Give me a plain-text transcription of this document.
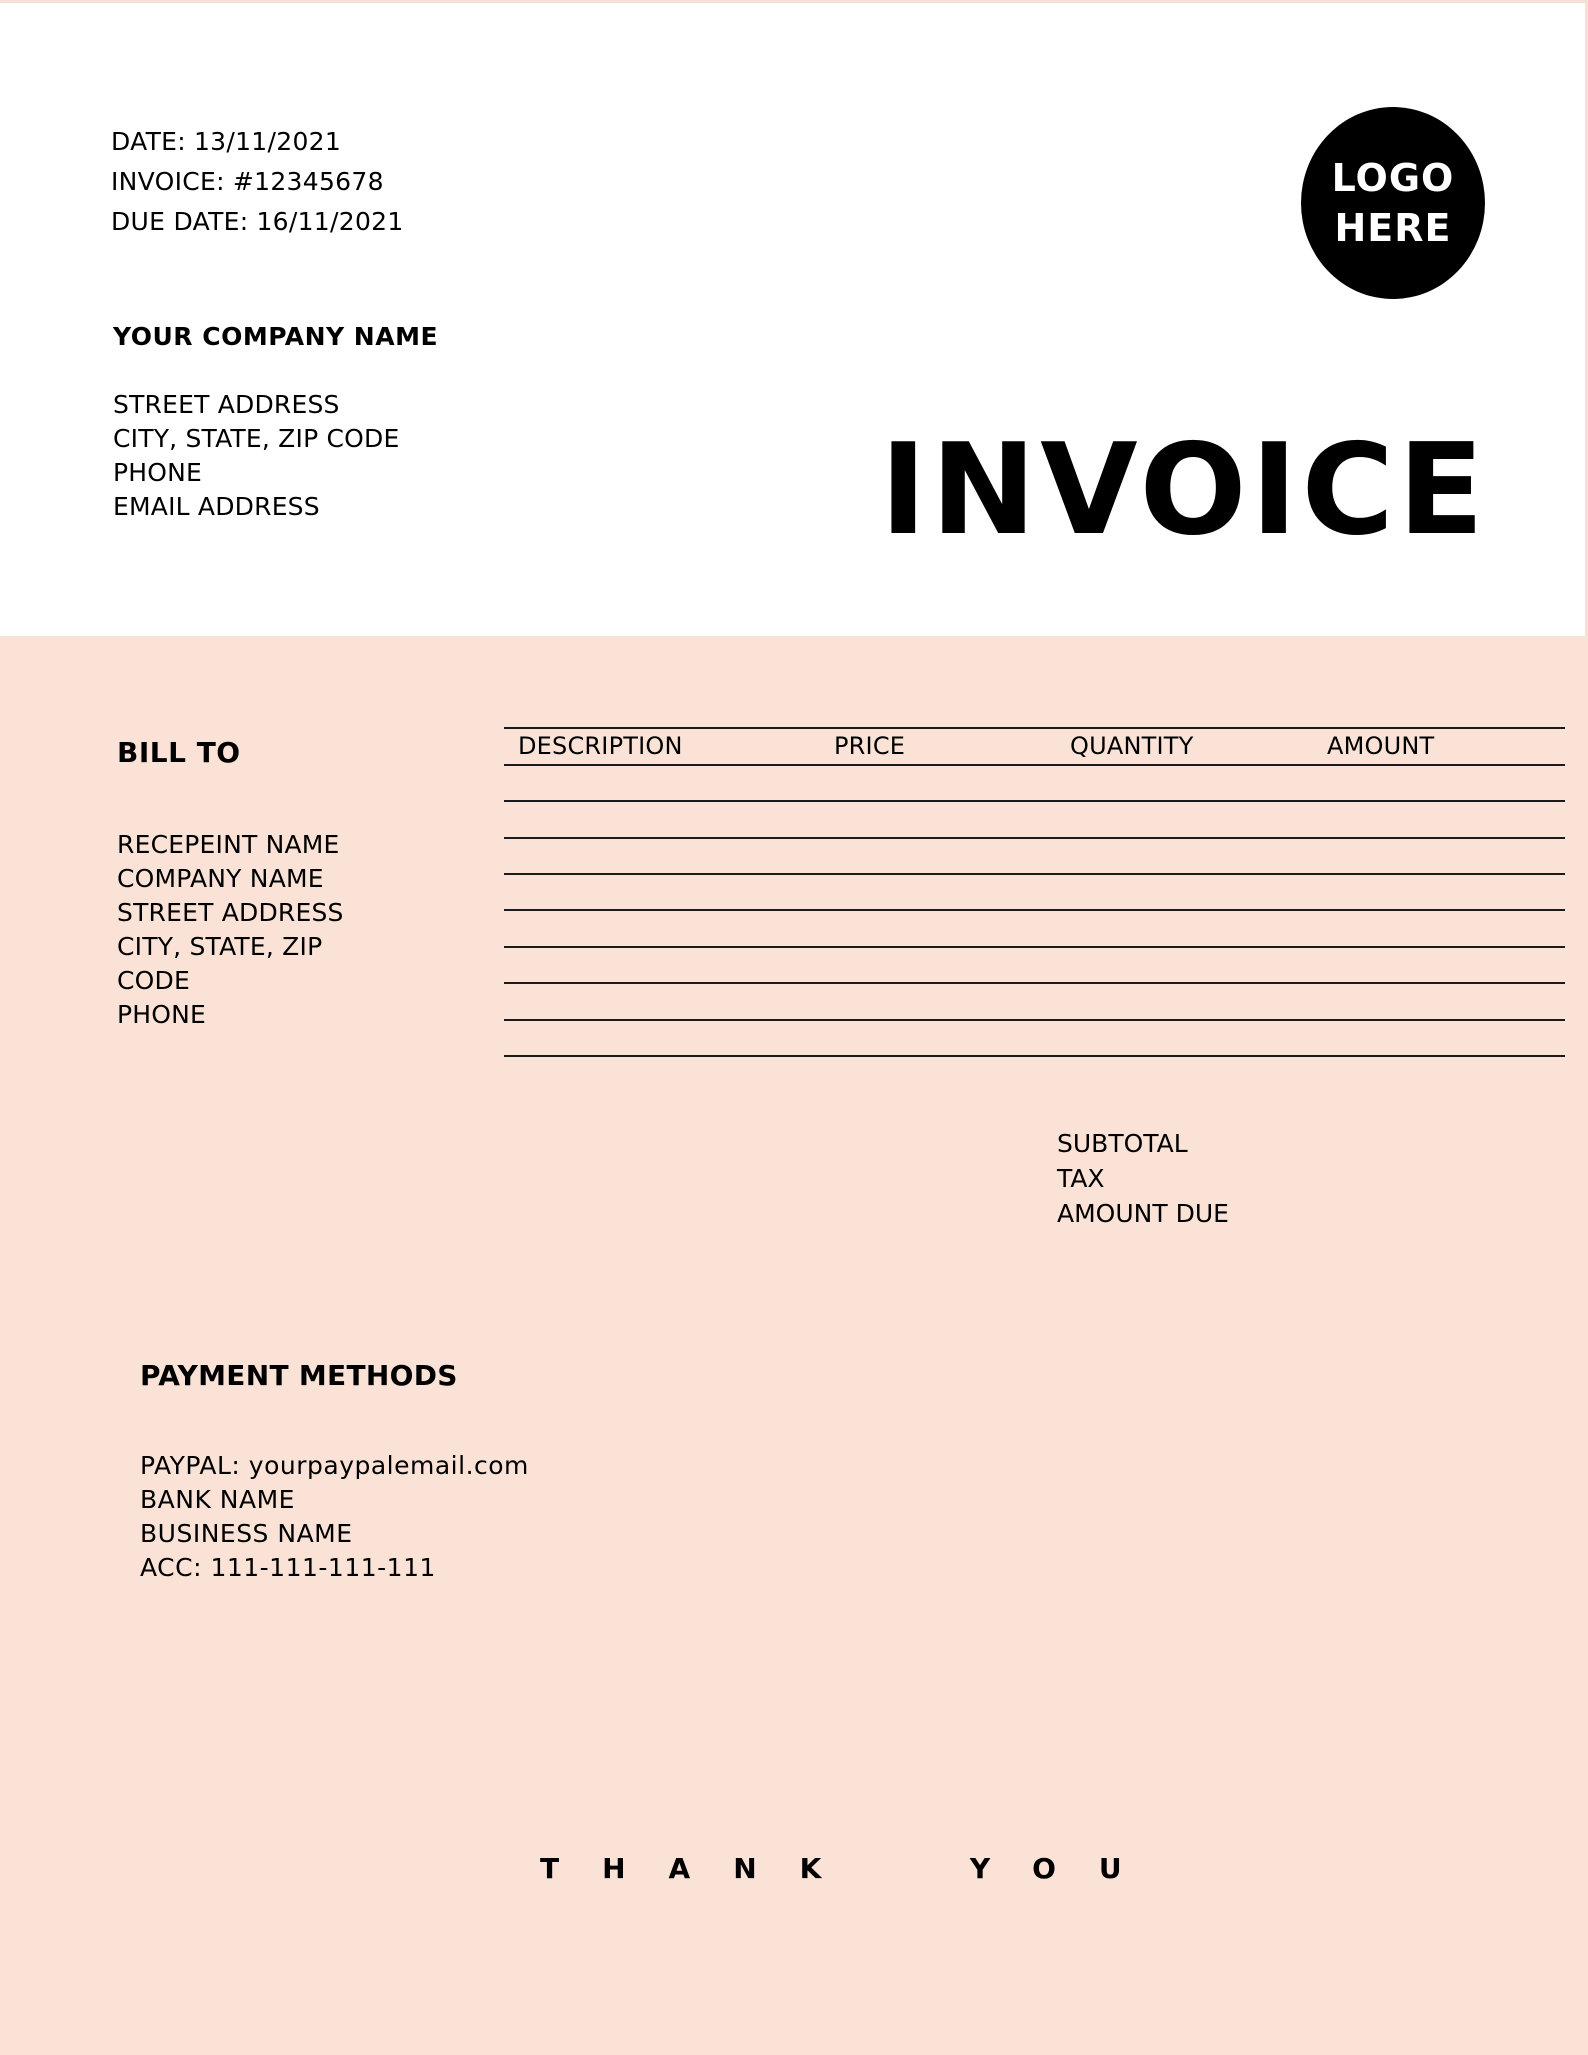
DATE: 13/11/2021
INVOICE: #12345678
DUE DATE: 16/11/2021
YOUR COMPANY NAME
STREET ADDRESS
CITY, STATE, ZIP CODE
PHONE
EMAIL ADDRESS
LOGO
HERE
INVOICE
BILL TO
RECEPEINT NAME
COMPANY NAME
STREET ADDRESS
CITY, STATE, ZIP
CODE
PHONE
DESCRIPTION	PRICE	QUANTITY	AMOUNT
SUBTOTAL
TAX
AMOUNT DUE
PAYMENT METHODS
PAYPAL: yourpaypalemail.com
BANK NAME
BUSINESS NAME
ACC: 111-111-111-111
THANK  YOU
